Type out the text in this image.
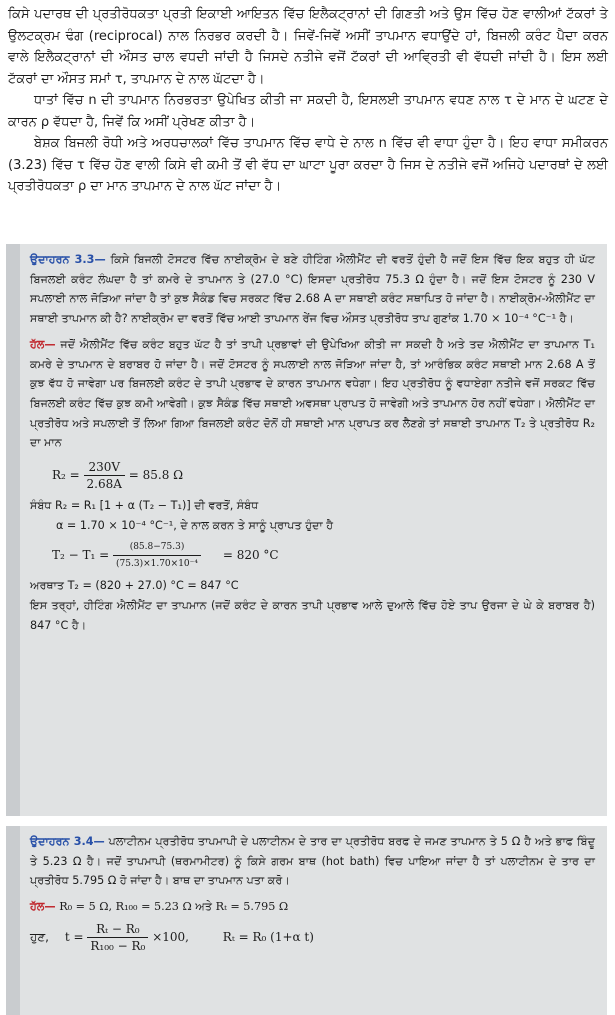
ਕਿਸੇ ਪਦਾਰਥ ਦੀ ਪ੍ਰਤੀਰੋਧਕਤਾ ਪ੍ਰਤੀ ਇਕਾਈ ਆਇਤਨ ਵਿੱਚ ਇਲੈਕਟ੍ਰਾਨਾਂ ਦੀ ਗਿਣਤੀ ਅਤੇ ਉਸ ਵਿੱਚ ਹੋਣ ਵਾਲੀਆਂ ਟੱਕਰਾਂ ਤੇ ਉਲਟਕ੍ਰਮ ਢੰਗ (reciprocal) ਨਾਲ ਨਿਰਭਰ ਕਰਦੀ ਹੈ। ਜਿਵੇਂ-ਜਿਵੇਂ ਅਸੀਂ ਤਾਪਮਾਨ ਵਧਾਉਂਦੇ ਹਾਂ, ਬਿਜਲੀ ਕਰੰਟ ਪੈਦਾ ਕਰਨ ਵਾਲੇ ਇਲੈਕਟ੍ਰਾਨਾਂ ਦੀ ਔਸਤ ਚਾਲ ਵਧਦੀ ਜਾਂਦੀ ਹੈ ਜਿਸਦੇ ਨਤੀਜੇ ਵਜੋਂ ਟੱਕਰਾਂ ਦੀ ਆਵ੍ਰਿਤੀ ਵੀ ਵੱਧਦੀ ਜਾਂਦੀ ਹੈ। ਇਸ ਲਈ ਟੱਕਰਾਂ ਦਾ ਔਸਤ ਸਮਾਂ τ, ਤਾਪਮਾਨ ਦੇ ਨਾਲ ਘੱਟਦਾ ਹੈ।

ਧਾਤਾਂ ਵਿੱਚ n ਦੀ ਤਾਪਮਾਨ ਨਿਰਭਰਤਾ ਉਪੇਖਿਤ ਕੀਤੀ ਜਾ ਸਕਦੀ ਹੈ, ਇਸਲਈ ਤਾਪਮਾਨ ਵਧਣ ਨਾਲ τ ਦੇ ਮਾਨ ਦੇ ਘਟਣ ਦੇ ਕਾਰਨ ρ ਵੱਧਦਾ ਹੈ, ਜਿਵੇਂ ਕਿ ਅਸੀਂ ਪ੍ਰੇਖਣ ਕੀਤਾ ਹੈ।

ਬੇਸ਼ਕ ਬਿਜਲੀ ਰੋਧੀ ਅਤੇ ਅਰਧਚਾਲਕਾਂ ਵਿੱਚ ਤਾਪਮਾਨ ਵਿੱਚ ਵਾਧੇ ਦੇ ਨਾਲ n ਵਿੱਚ ਵੀ ਵਾਧਾ ਹੁੰਦਾ ਹੈ। ਇਹ ਵਾਧਾ ਸਮੀਕਰਨ (3.23) ਵਿੱਚ τ ਵਿੱਚ ਹੋਣ ਵਾਲੀ ਕਿਸੇ ਵੀ ਕਮੀ ਤੋਂ ਵੀ ਵੱਧ ਦਾ ਘਾਟਾ ਪੂਰਾ ਕਰਦਾ ਹੈ ਜਿਸ ਦੇ ਨਤੀਜੇ ਵਜੋਂ ਅਜਿਹੇ ਪਦਾਰਥਾਂ ਦੇ ਲਈ ਪ੍ਰਤੀਰੋਧਕਤਾ ρ ਦਾ ਮਾਨ ਤਾਪਮਾਨ ਦੇ ਨਾਲ ਘੱਟ ਜਾਂਦਾ ਹੈ।

ਉਦਾਹਰਨ 3.3— ਕਿਸੇ ਬਿਜਲੀ ਟੋਸਟਰ ਵਿੱਚ ਨਾਈਕ੍ਰੋਮ ਦੇ ਬਣੇ ਹੀਟਿੰਗ ਐਲੀਮੈਂਟ ਦੀ ਵਰਤੋਂ ਹੁੰਦੀ ਹੈ ਜਦੋਂ ਇਸ ਵਿੱਚ ਇਕ ਬਹੁਤ ਹੀ ਘੱਟ ਬਿਜਲਈ ਕਰੰਟ ਲੰਘਦਾ ਹੈ ਤਾਂ ਕਮਰੇ ਦੇ ਤਾਪਮਾਨ ਤੇ (27.0 °C) ਇਸਦਾ ਪ੍ਰਤੀਰੋਧ 75.3 Ω ਹੁੰਦਾ ਹੈ। ਜਦੋਂ ਇਸ ਟੋਸਟਰ ਨੂੰ 230 V ਸਪਲਾਈ ਨਾਲ ਜੋੜਿਆ ਜਾਂਦਾ ਹੈ ਤਾਂ ਕੁਝ ਸੈਕੰਡ ਵਿਚ ਸਰਕਟ ਵਿੱਚ 2.68 A ਦਾ ਸਥਾਈ ਕਰੰਟ ਸਥਾਪਿਤ ਹੋ ਜਾਂਦਾ ਹੈ। ਨਾਈਕ੍ਰੋਮ-ਐਲੀਮੈਂਟ ਦਾ ਸਥਾਈ ਤਾਪਮਾਨ ਕੀ ਹੈ? ਨਾਈਕ੍ਰੋਮ ਦਾ ਵਰਤੋਂ ਵਿੱਚ ਆਈ ਤਾਪਮਾਨ ਰੇਂਜ ਵਿਚ ਔਸਤ ਪ੍ਰਤੀਰੋਧ ਤਾਪ ਗੁਣਾਂਕ 1.70 × 10⁻⁴ °C⁻¹ ਹੈ।

ਹੱਲ— ਜਦੋਂ ਐਲੀਮੈਂਟ ਵਿੱਚ ਕਰੰਟ ਬਹੁਤ ਘੱਟ ਹੈ ਤਾਂ ਤਾਪੀ ਪ੍ਰਭਾਵਾਂ ਦੀ ਉਪੇਖਿਆ ਕੀਤੀ ਜਾ ਸਕਦੀ ਹੈ ਅਤੇ ਤਦ ਐਲੀਮੈਂਟ ਦਾ ਤਾਪਮਾਨ T₁ ਕਮਰੇ ਦੇ ਤਾਪਮਾਨ ਦੇ ਬਰਾਬਰ ਹੋ ਜਾਂਦਾ ਹੈ। ਜਦੋਂ ਟੋਸਟਰ ਨੂੰ ਸਪਲਾਈ ਨਾਲ ਜੋੜਿਆ ਜਾਂਦਾ ਹੈ, ਤਾਂ ਆਰੰਭਿਕ ਕਰੰਟ ਸਥਾਈ ਮਾਨ 2.68 A ਤੋਂ ਕੁਝ ਵੱਧ ਹੋ ਜਾਵੇਗਾ ਪਰ ਬਿਜਲਈ ਕਰੰਟ ਦੇ ਤਾਪੀ ਪ੍ਰਭਾਵ ਦੇ ਕਾਰਨ ਤਾਪਮਾਨ ਵਧੇਗਾ। ਇਹ ਪ੍ਰਤੀਰੋਧ ਨੂੰ ਵਧਾਏਗਾ ਨਤੀਜੇ ਵਜੋਂ ਸਰਕਟ ਵਿੱਚ ਬਿਜਲਈ ਕਰੰਟ ਵਿੱਚ ਕੁਝ ਕਮੀ ਆਵੇਗੀ। ਕੁਝ ਸੈਕੰਡ ਵਿੱਚ ਸਥਾਈ ਅਵਸਥਾ ਪ੍ਰਾਪਤ ਹੋ ਜਾਵੇਗੀ ਅਤੇ ਤਾਪਮਾਨ ਹੋਰ ਨਹੀਂ ਵਧੇਗਾ। ਐਲੀਮੈਂਟ ਦਾ ਪ੍ਰਤੀਰੋਧ ਅਤੇ ਸਪਲਾਈ ਤੋਂ ਲਿਆ ਗਿਆ ਬਿਜਲਈ ਕਰੰਟ ਦੋਨੋਂ ਹੀ ਸਥਾਈ ਮਾਨ ਪ੍ਰਾਪਤ ਕਰ ਲੈਣਗੇ ਤਾਂ ਸਥਾਈ ਤਾਪਮਾਨ T₂ ਤੇ ਪ੍ਰਤੀਰੋਧ R₂ ਦਾ ਮਾਨ

$R_2 = \frac{230V}{2.68A} = 85.8$ Ω

ਸੰਬੰਧ R₂ = R₁ [1 + α (T₂ − T₁)] ਦੀ ਵਰਤੋਂ, ਸੰਬੰਧ

α = 1.70 × 10⁻⁴ °C⁻¹, ਦੇ ਨਾਲ ਕਰਨ ਤੇ ਸਾਨੂੰ ਪ੍ਰਾਪਤ ਹੁੰਦਾ ਹੈ

$T_2 - T_1 = \frac{(85.8-75.3)}{\text{(75.3)×1.70×10⁻⁴}} = 820$ °C

ਅਰਥਾਤ T₂ = (820 + 27.0) °C = 847 °C

ਇਸ ਤਰ੍ਹਾਂ, ਹੀਟਿੰਗ ਐਲੀਮੈਂਟ ਦਾ ਤਾਪਮਾਨ (ਜਦੋਂ ਕਰੰਟ ਦੇ ਕਾਰਨ ਤਾਪੀ ਪ੍ਰਭਾਵ ਆਲੇ ਦੁਆਲੇ ਵਿੱਚ ਹੋਏ ਤਾਪ ਉਰਜਾ ਦੇ ਘੇ ਕੇ ਬਰਾਬਰ ਹੈ) 847 °C ਹੈ।

ਉਦਾਹਰਨ 3.4— ਪਲਾਟੀਨਮ ਪ੍ਰਤੀਰੋਧ ਤਾਪਮਾਪੀ ਦੇ ਪਲਾਟੀਨਮ ਦੇ ਤਾਰ ਦਾ ਪ੍ਰਤੀਰੋਧ ਬਰਫ ਦੇ ਜਮਣ ਤਾਪਮਾਨ ਤੇ 5 Ω ਹੈ ਅਤੇ ਭਾਫ ਬਿੰਦੂ ਤੇ 5.23 Ω ਹੈ। ਜਦੋਂ ਤਾਪਮਾਪੀ (ਥਰਮਾਮੀਟਰ) ਨੂੰ ਕਿਸੇ ਗਰਮ ਬਾਥ (hot bath) ਵਿਚ ਪਾਇਆ ਜਾਂਦਾ ਹੈ ਤਾਂ ਪਲਾਟੀਨਮ ਦੇ ਤਾਰ ਦਾ ਪ੍ਰਤੀਰੋਧ 5.795 Ω ਹੋ ਜਾਂਦਾ ਹੈ। ਬਾਥ ਦਾ ਤਾਪਮਾਨ ਪਤਾ ਕਰੋ।

ਹੱਲ— R₀ = 5 Ω, R₁₀₀ = 5.23 Ω ਅਤੇ Rₜ = 5.795 Ω

ਹੁਣ, $t = \frac{\text{Rₜ − R₀}}{\text{R₁₀₀ − R₀}} \times 100$,	Rₜ = R₀ (1+α t)
